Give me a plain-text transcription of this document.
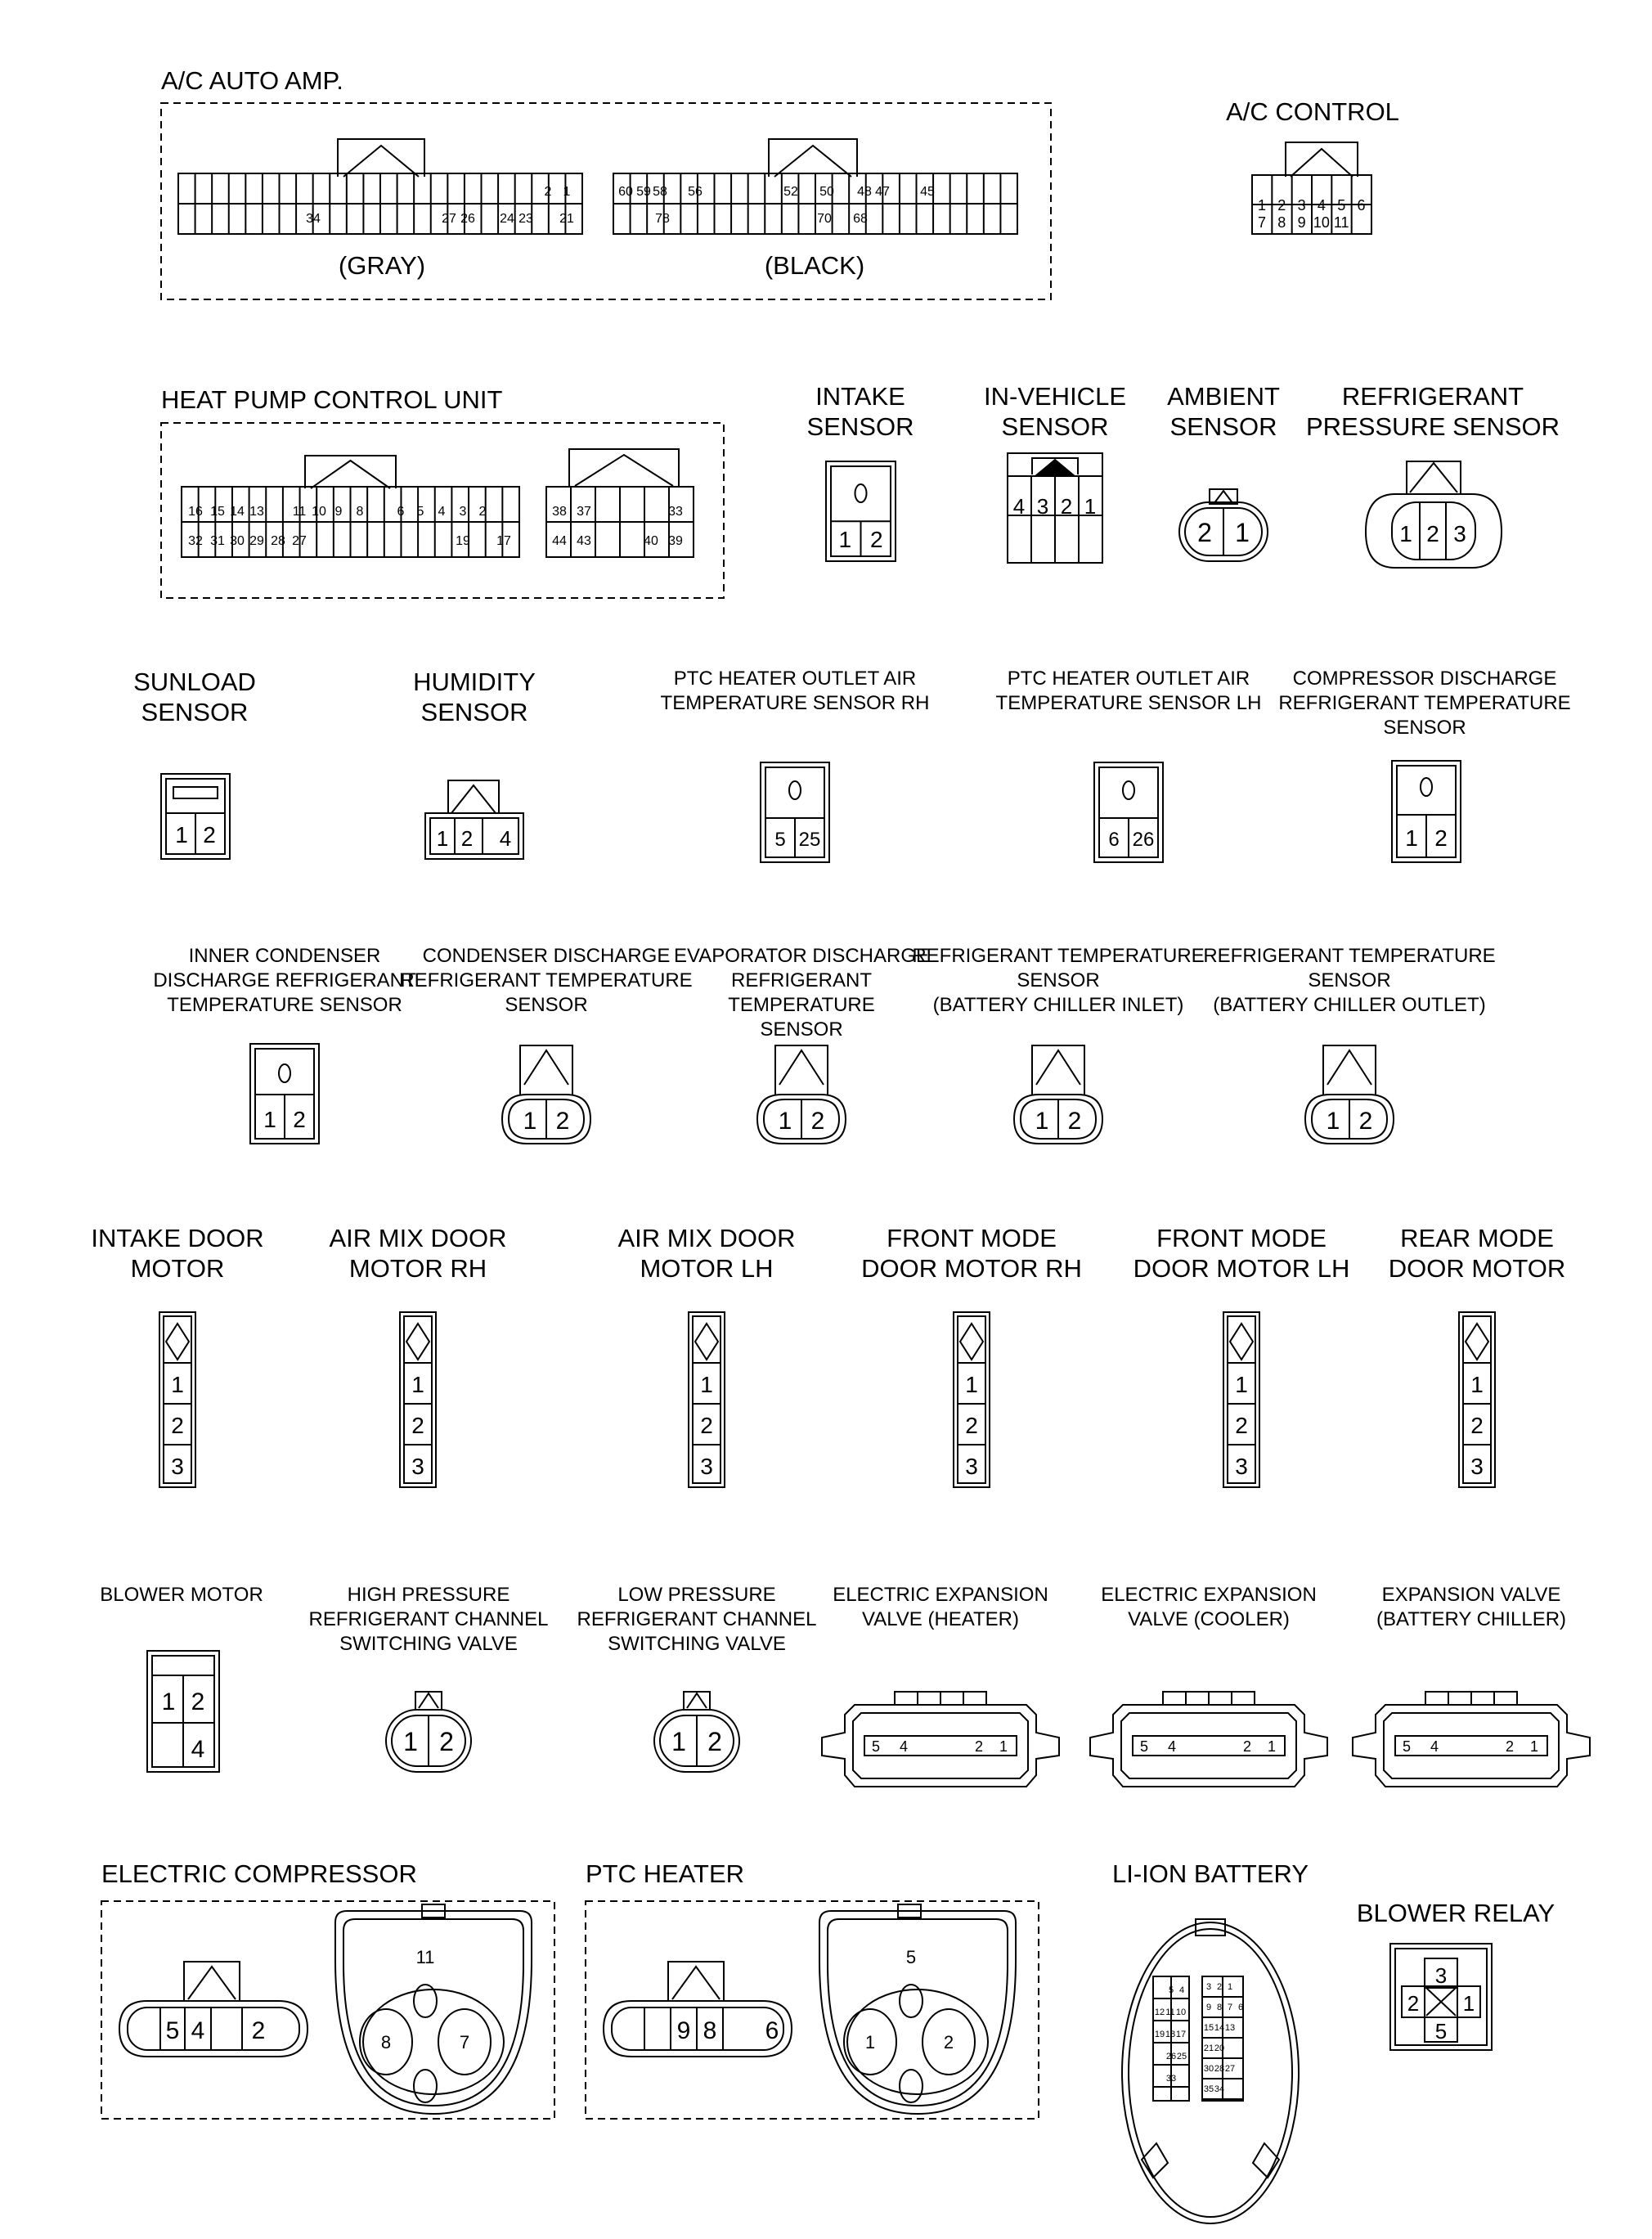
2 1
34	27 26 24 23 21
60 59 58 56	52 50 48 47 45
78	70 68
1 2 3 4 5 6
7 8 9 10 11
16 15 14 13 11 10 9 8	6 5 4 3 2
32 31 30 29 28 27	19 17
38 37	33
44 43	40 39	1 2
4 3 2 1
2 1	1 2 3
1 2	1 2 4	5 25	6 26	1 2
1 2	1 2	1 2	1 2	1 2
1
2
3
1
2
3
1
2
3
1
2
3
1
2
3
1
2
3
1 2
4	1 2	1 2	5 4	2 1	5 4	2 1	5 4	2 1
5 4 2
11
8	7	9 8 6
5
1	2
5 4
12 11 10
19 18 17
26 25
33
3 2 1
9 8 7 6
15 14 13
21 20
30 28 27
35 34
3
2 1
5
A/C AUTO AMP.
(GRAY)	(BLACK)
A/C CONTROL
HEAT PUMP CONTROL UNIT	INTAKE
SENSOR
IN-VEHICLE
SENSOR
AMBIENT
SENSOR
REFRIGERANT
PRESSURE SENSOR
SUNLOAD
SENSOR
HUMIDITY
SENSOR
PTC HEATER OUTLET AIR
TEMPERATURE SENSOR RH
PTC HEATER OUTLET AIR
TEMPERATURE SENSOR LH
COMPRESSOR DISCHARGE
REFRIGERANT TEMPERATURE
SENSOR
INNER CONDENSER
DISCHARGE REFRIGERANT
TEMPERATURE SENSOR
CONDENSER DISCHARGE
REFRIGERANT TEMPERATURE
SENSOR
EVAPORATOR DISCHARGE
REFRIGERANT
TEMPERATURE
SENSOR
REFRIGERANT TEMPERATURE
SENSOR
(BATTERY CHILLER INLET)
REFRIGERANT TEMPERATURE
SENSOR
(BATTERY CHILLER OUTLET)
INTAKE DOOR
MOTOR
AIR MIX DOOR
MOTOR RH
AIR MIX DOOR
MOTOR LH
FRONT MODE
DOOR MOTOR RH
FRONT MODE
DOOR MOTOR LH
REAR MODE
DOOR MOTOR
BLOWER MOTOR	HIGH PRESSURE
REFRIGERANT CHANNEL
SWITCHING VALVE
LOW PRESSURE
REFRIGERANT CHANNEL
SWITCHING VALVE
ELECTRIC EXPANSION
VALVE (HEATER)
ELECTRIC EXPANSION
VALVE (COOLER)
EXPANSION VALVE
(BATTERY CHILLER)
ELECTRIC COMPRESSOR	PTC HEATER	LI-ION BATTERY
BLOWER RELAY
